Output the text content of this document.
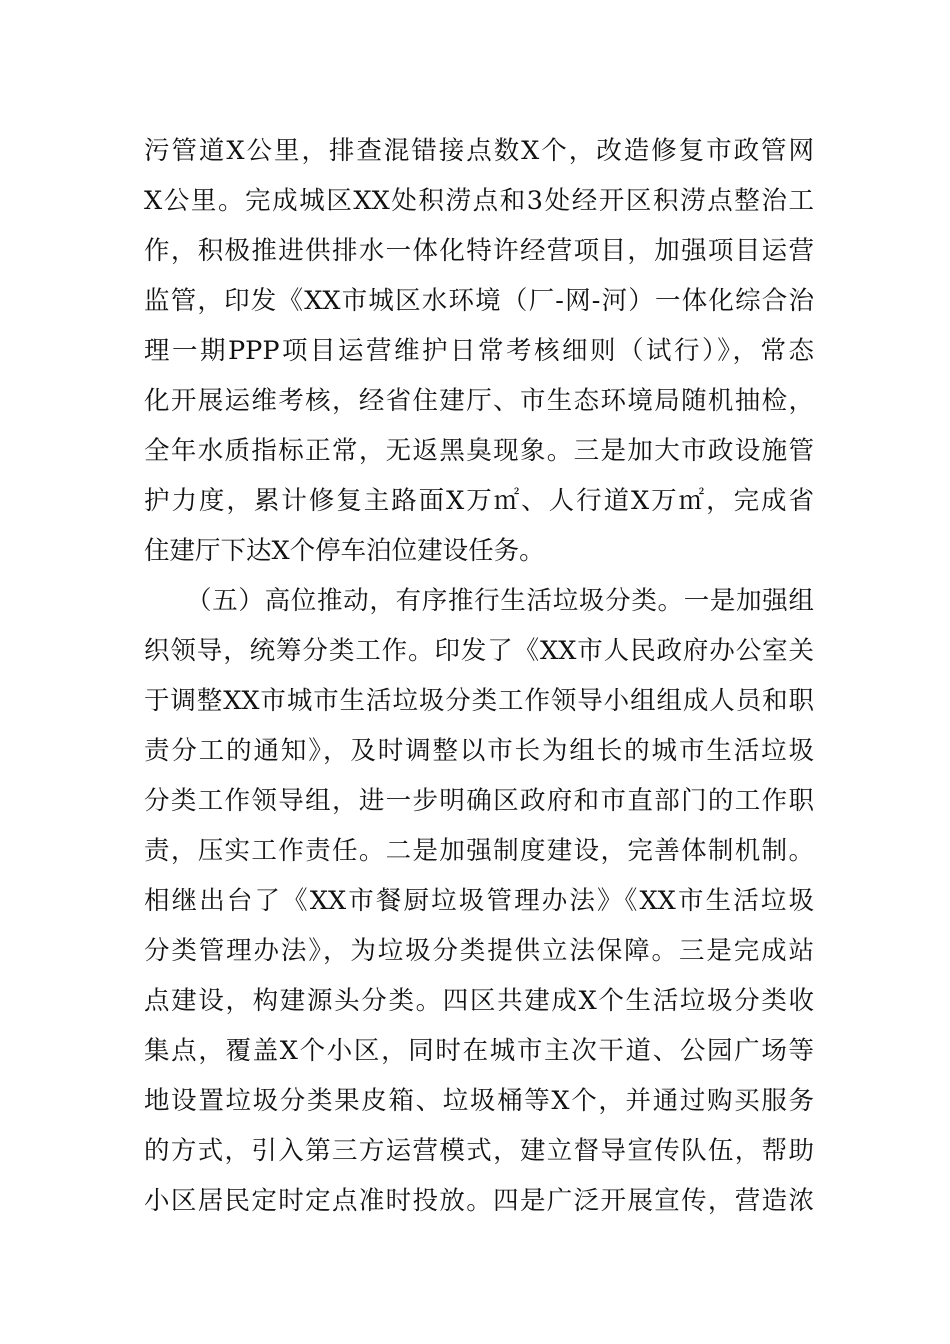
污管道X公里，排查混错接点数X个，改造修复市政管网
X公里。完成城区XX处积涝点和3处经开区积涝点整治工
作，积极推进供排水一体化特许经营项目，加强项目运营
监管，印发《XX市城区水环境（厂-网-河）一体化综合治
理一期PPP项目运营维护日常考核细则（试行）》，常态
化开展运维考核，经省住建厅、市生态环境局随机抽检，
全年水质指标正常，无返黑臭现象。三是加大市政设施管
护力度，累计修复主路面X万㎡、人行道X万㎡，完成省
住建厅下达X个停车泊位建设任务。
（五）高位推动，有序推行生活垃圾分类。一是加强组
织领导，统筹分类工作。印发了《XX市人民政府办公室关
于调整XX市城市生活垃圾分类工作领导小组组成人员和职
责分工的通知》，及时调整以市长为组长的城市生活垃圾
分类工作领导组，进一步明确区政府和市直部门的工作职
责，压实工作责任。二是加强制度建设，完善体制机制。
相继出台了《XX市餐厨垃圾管理办法》《XX市生活垃圾
分类管理办法》，为垃圾分类提供立法保障。三是完成站
点建设，构建源头分类。四区共建成X个生活垃圾分类收
集点，覆盖X个小区，同时在城市主次干道、公园广场等
地设置垃圾分类果皮箱、垃圾桶等X个，并通过购买服务
的方式，引入第三方运营模式，建立督导宣传队伍，帮助
小区居民定时定点准时投放。四是广泛开展宣传，营造浓
